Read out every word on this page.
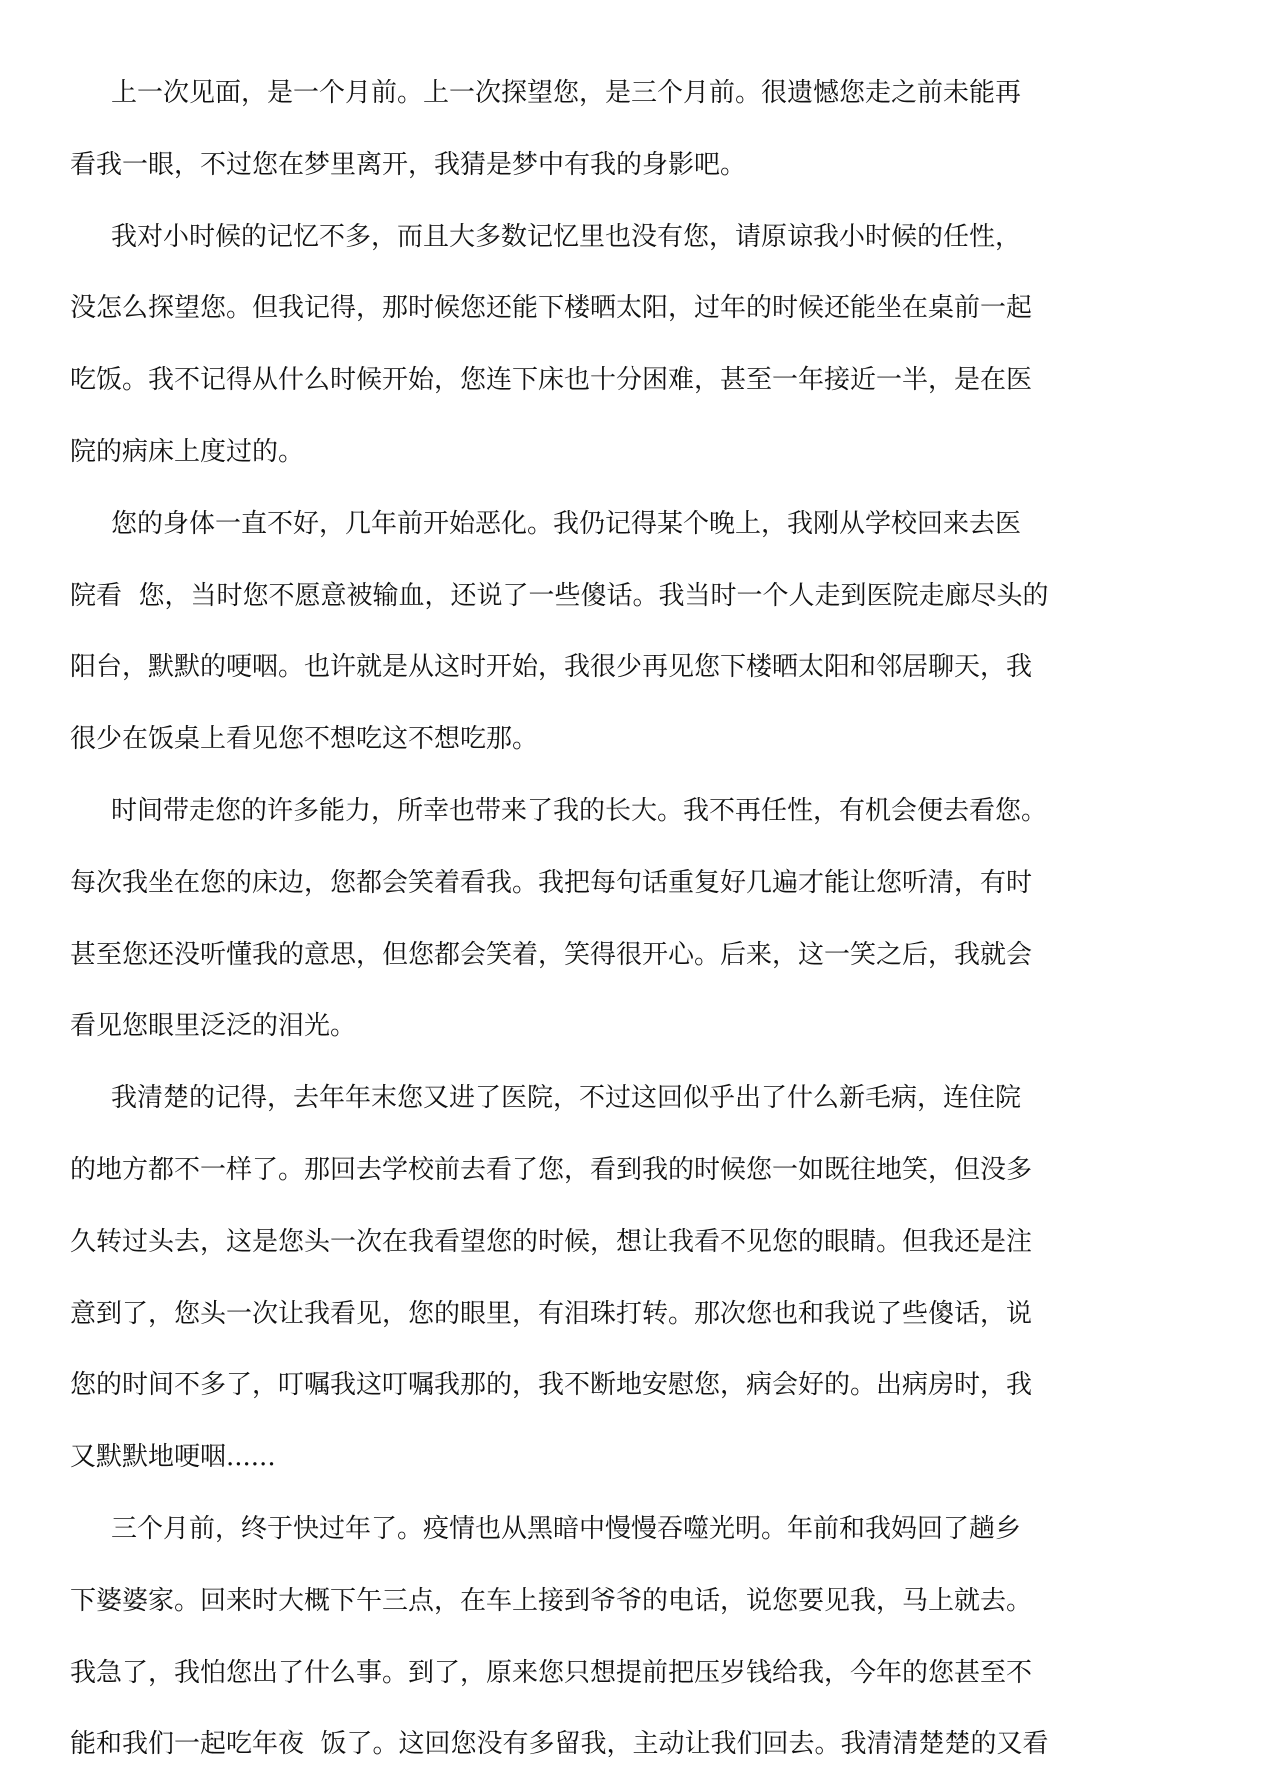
上一次见面，是一个月前。上一次探望您，是三个月前。很遗憾您走之前未能再

看我一眼，不过您在梦里离开，我猜是梦中有我的身影吧。

我对小时候的记忆不多，而且大多数记忆里也没有您，请原谅我小时候的任性，

没怎么探望您。但我记得，那时候您还能下楼晒太阳，过年的时候还能坐在桌前一起

吃饭。我不记得从什么时候开始，您连下床也十分困难，甚至一年接近一半，是在医

院的病床上度过的。

您的身体一直不好，几年前开始恶化。我仍记得某个晚上，我刚从学校回来去医

院看  您，当时您不愿意被输血，还说了一些傻话。我当时一个人走到医院走廊尽头的

阳台，默默的哽咽。也许就是从这时开始，我很少再见您下楼晒太阳和邻居聊天，我

很少在饭桌上看见您不想吃这不想吃那。

时间带走您的许多能力，所幸也带来了我的长大。我不再任性，有机会便去看您。

每次我坐在您的床边，您都会笑着看我。我把每句话重复好几遍才能让您听清，有时

甚至您还没听懂我的意思，但您都会笑着，笑得很开心。后来，这一笑之后，我就会

看见您眼里泛泛的泪光。

我清楚的记得，去年年末您又进了医院，不过这回似乎出了什么新毛病，连住院

的地方都不一样了。那回去学校前去看了您，看到我的时候您一如既往地笑，但没多

久转过头去，这是您头一次在我看望您的时候，想让我看不见您的眼睛。但我还是注

意到了，您头一次让我看见，您的眼里，有泪珠打转。那次您也和我说了些傻话，说

您的时间不多了，叮嘱我这叮嘱我那的，我不断地安慰您，病会好的。出病房时，我

又默默地哽咽......

三个月前，终于快过年了。疫情也从黑暗中慢慢吞噬光明。年前和我妈回了趟乡

下婆婆家。回来时大概下午三点，在车上接到爷爷的电话，说您要见我，马上就去。

我急了，我怕您出了什么事。到了，原来您只想提前把压岁钱给我，今年的您甚至不

能和我们一起吃年夜  饭了。这回您没有多留我，主动让我们回去。我清清楚楚的又看
